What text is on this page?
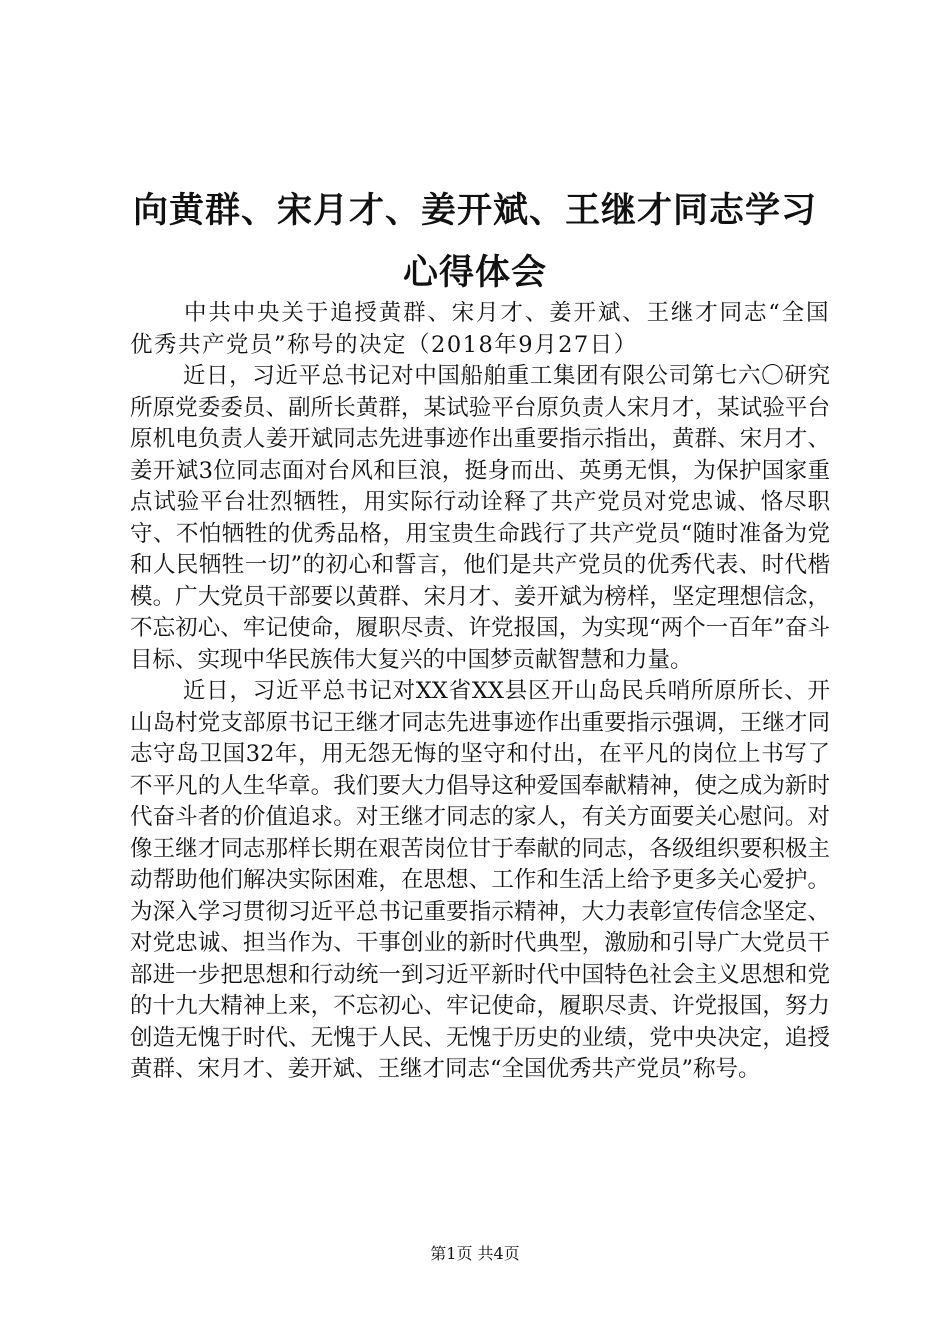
向黄群、宋月才、姜开斌、王继才同志学习心得体会

中共中央关于追授黄群、宋月才、姜开斌、王继才同志“全国优秀共产党员”称号的决定（2018年9月27日）

近日，习近平总书记对中国船舶重工集团有限公司第七六〇研究所原党委委员、副所长黄群，某试验平台原负责人宋月才，某试验平台原机电负责人姜开斌同志先进事迹作出重要指示指出，黄群、宋月才、姜开斌3位同志面对台风和巨浪，挺身而出、英勇无惧，为保护国家重点试验平台壮烈牺牲，用实际行动诠释了共产党员对党忠诚、恪尽职守、不怕牺牲的优秀品格，用宝贵生命践行了共产党员“随时准备为党和人民牺牲一切”的初心和誓言，他们是共产党员的优秀代表、时代楷模。广大党员干部要以黄群、宋月才、姜开斌为榜样，坚定理想信念，不忘初心、牢记使命，履职尽责、许党报国，为实现“两个一百年”奋斗目标、实现中华民族伟大复兴的中国梦贡献智慧和力量。

近日，习近平总书记对XX省XX县区开山岛民兵哨所原所长、开山岛村党支部原书记王继才同志先进事迹作出重要指示强调，王继才同志守岛卫国32年，用无怨无悔的坚守和付出，在平凡的岗位上书写了不平凡的人生华章。我们要大力倡导这种爱国奉献精神，使之成为新时代奋斗者的价值追求。对王继才同志的家人，有关方面要关心慰问。对像王继才同志那样长期在艰苦岗位甘于奉献的同志，各级组织要积极主动帮助他们解决实际困难，在思想、工作和生活上给予更多关心爱护。为深入学习贯彻习近平总书记重要指示精神，大力表彰宣传信念坚定、对党忠诚、担当作为、干事创业的新时代典型，激励和引导广大党员干部进一步把思想和行动统一到习近平新时代中国特色社会主义思想和党的十九大精神上来，不忘初心、牢记使命，履职尽责、许党报国，努力创造无愧于时代、无愧于人民、无愧于历史的业绩，党中央决定，追授黄群、宋月才、姜开斌、王继才同志“全国优秀共产党员”称号。

第1页 共4页
